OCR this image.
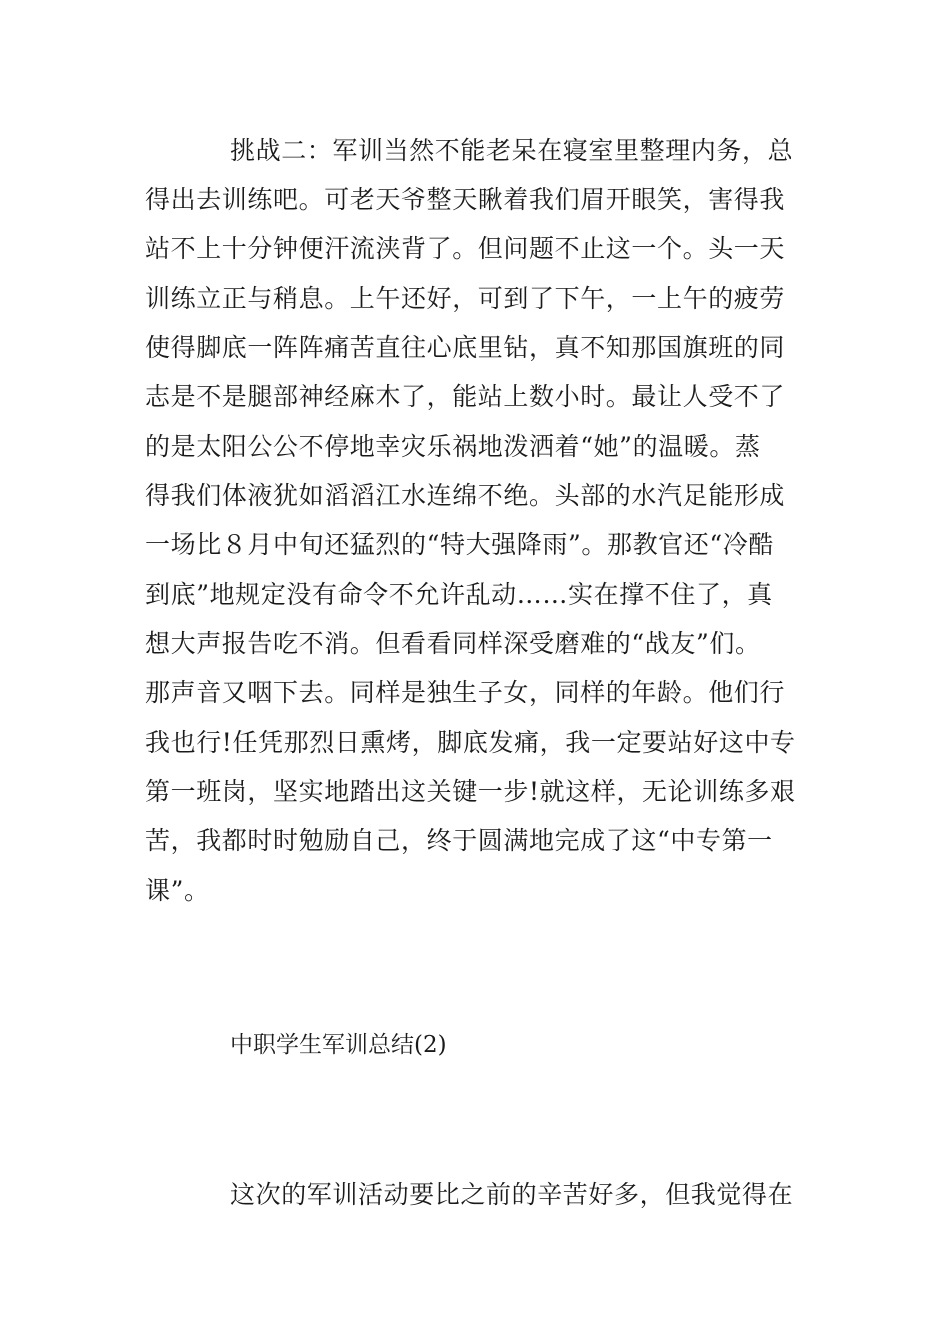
挑战二：军训当然不能老呆在寝室里整理内务，总
得出去训练吧。可老天爷整天瞅着我们眉开眼笑，害得我
站不上十分钟便汗流浃背了。但问题不止这一个。头一天
训练立正与稍息。上午还好，可到了下午，一上午的疲劳
使得脚底一阵阵痛苦直往心底里钻，真不知那国旗班的同
志是不是腿部神经麻木了，能站上数小时。最让人受不了
的是太阳公公不停地幸灾乐祸地泼洒着“她”的温暖。蒸
得我们体液犹如滔滔江水连绵不绝。头部的水汽足能形成
一场比８月中旬还猛烈的“特大强降雨”。那教官还“冷酷
到底”地规定没有命令不允许乱动……实在撑不住了，真
想大声报告吃不消。但看看同样深受磨难的“战友”们。
那声音又咽下去。同样是独生子女，同样的年龄。他们行
我也行!任凭那烈日熏烤，脚底发痛，我一定要站好这中专
第一班岗，坚实地踏出这关键一步!就这样，无论训练多艰
苦，我都时时勉励自己，终于圆满地完成了这“中专第一
课”。
中职学生军训总结(2)
这次的军训活动要比之前的辛苦好多，但我觉得在
